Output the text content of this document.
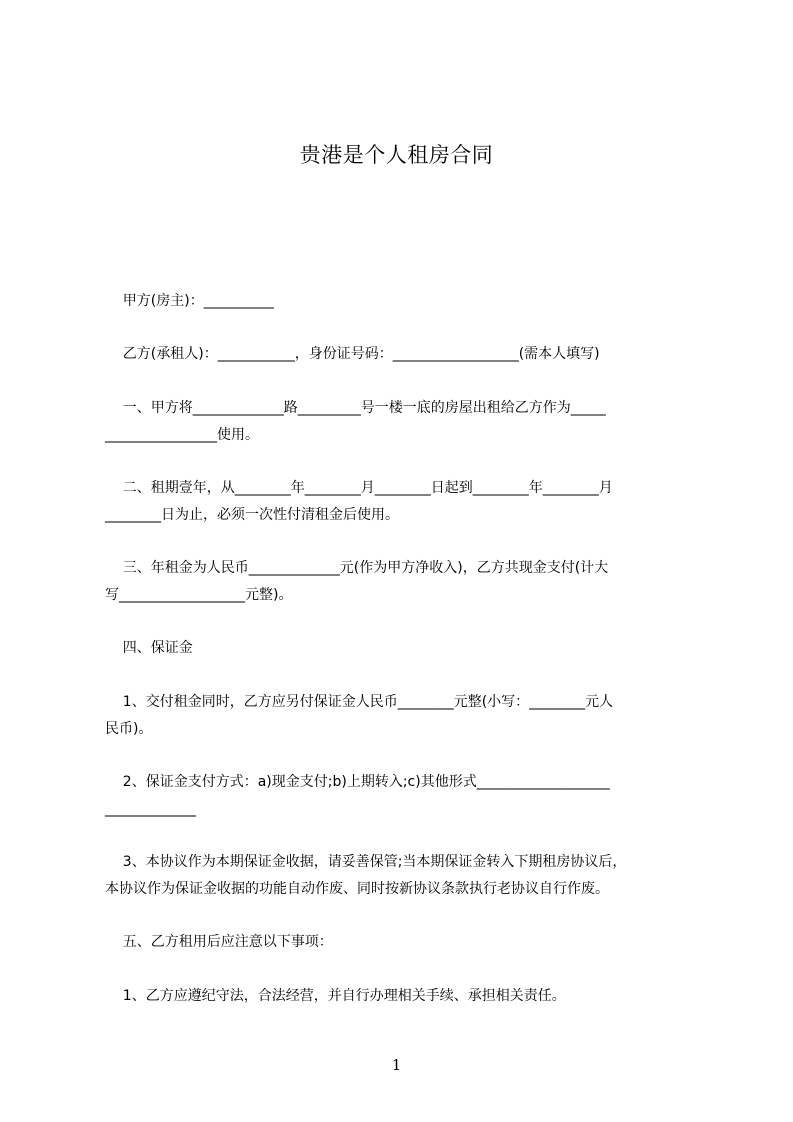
贵港是个人租房合同

甲方(房主)：__________

乙方(承租人)：___________，身份证号码：__________________(需本人填写)

一、甲方将_____________路_________号一楼一底的房屋出租给乙方作为_____

________________使用。

二、租期壹年，从________年________月________日起到________年________月

________日为止，必须一次性付清租金后使用。

三、年租金为人民币_____________元(作为甲方净收入)，乙方共现金支付(计大

写__________________元整)。

四、保证金

1、交付租金同时，乙方应另付保证金人民币________元整(小写：________元人

民币)。

2、保证金支付方式：a)现金支付;b)上期转入;c)其他形式___________________

_____________

3、本协议作为本期保证金收据，请妥善保管;当本期保证金转入下期租房协议后，

本协议作为保证金收据的功能自动作废、同时按新协议条款执行老协议自行作废。

五、乙方租用后应注意以下事项：

1、乙方应遵纪守法，合法经营，并自行办理相关手续、承担相关责任。

1
